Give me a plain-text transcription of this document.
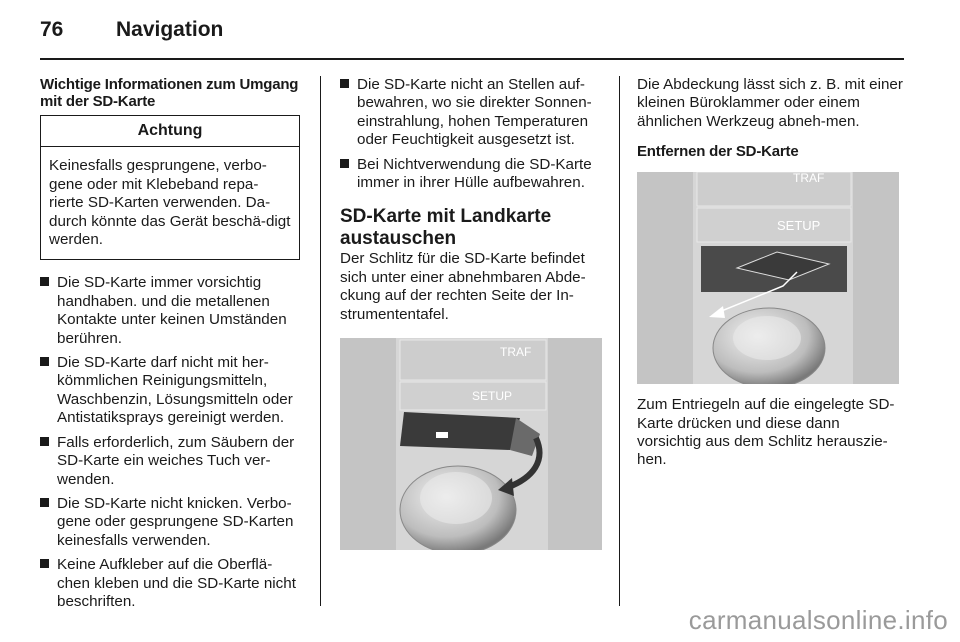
76	Navigation
Wichtige Informationen zum Umgang mit der SD-Karte
Achtung
Keinesfalls gesprungene, verbo-gene oder mit Klebeband repa-rierte SD-Karten verwenden. Da-durch könnte das Gerät beschä-digt werden.
Die SD-Karte immer vorsichtig handhaben. und die metallenen Kontakte unter keinen Umständen berühren.
Die SD-Karte darf nicht mit her-kömmlichen Reinigungsmitteln, Waschbenzin, Lösungsmitteln oder Antistatiksprays gereinigt werden.
Falls erforderlich, zum Säubern der SD-Karte ein weiches Tuch ver-wenden.
Die SD-Karte nicht knicken. Verbo-gene oder gesprungene SD-Karten keinesfalls verwenden.
Keine Aufkleber auf die Oberflä-chen kleben und die SD-Karte nicht beschriften.
Die SD-Karte nicht an Stellen auf-bewahren, wo sie direkter Sonnen-einstrahlung, hohen Temperaturen oder Feuchtigkeit ausgesetzt ist.
Bei Nichtverwendung die SD-Karte immer in ihrer Hülle aufbewahren.
SD-Karte mit Landkarte austauschen

Der Schlitz für die SD-Karte befindet sich unter einer abnehmbaren Abde-ckung auf der rechten Seite der In-strumententafel.

TRAF
SETUP

Die Abdeckung lässt sich z. B. mit einer kleinen Büroklammer oder einem ähnlichen Werkzeug abneh-men.

Entfernen der SD-Karte
TRAF
SETUP

Zum Entriegeln auf die eingelegte SD-Karte drücken und diese dann vorsichtig aus dem Schlitz herauszie-hen.

carmanualsonline.info
